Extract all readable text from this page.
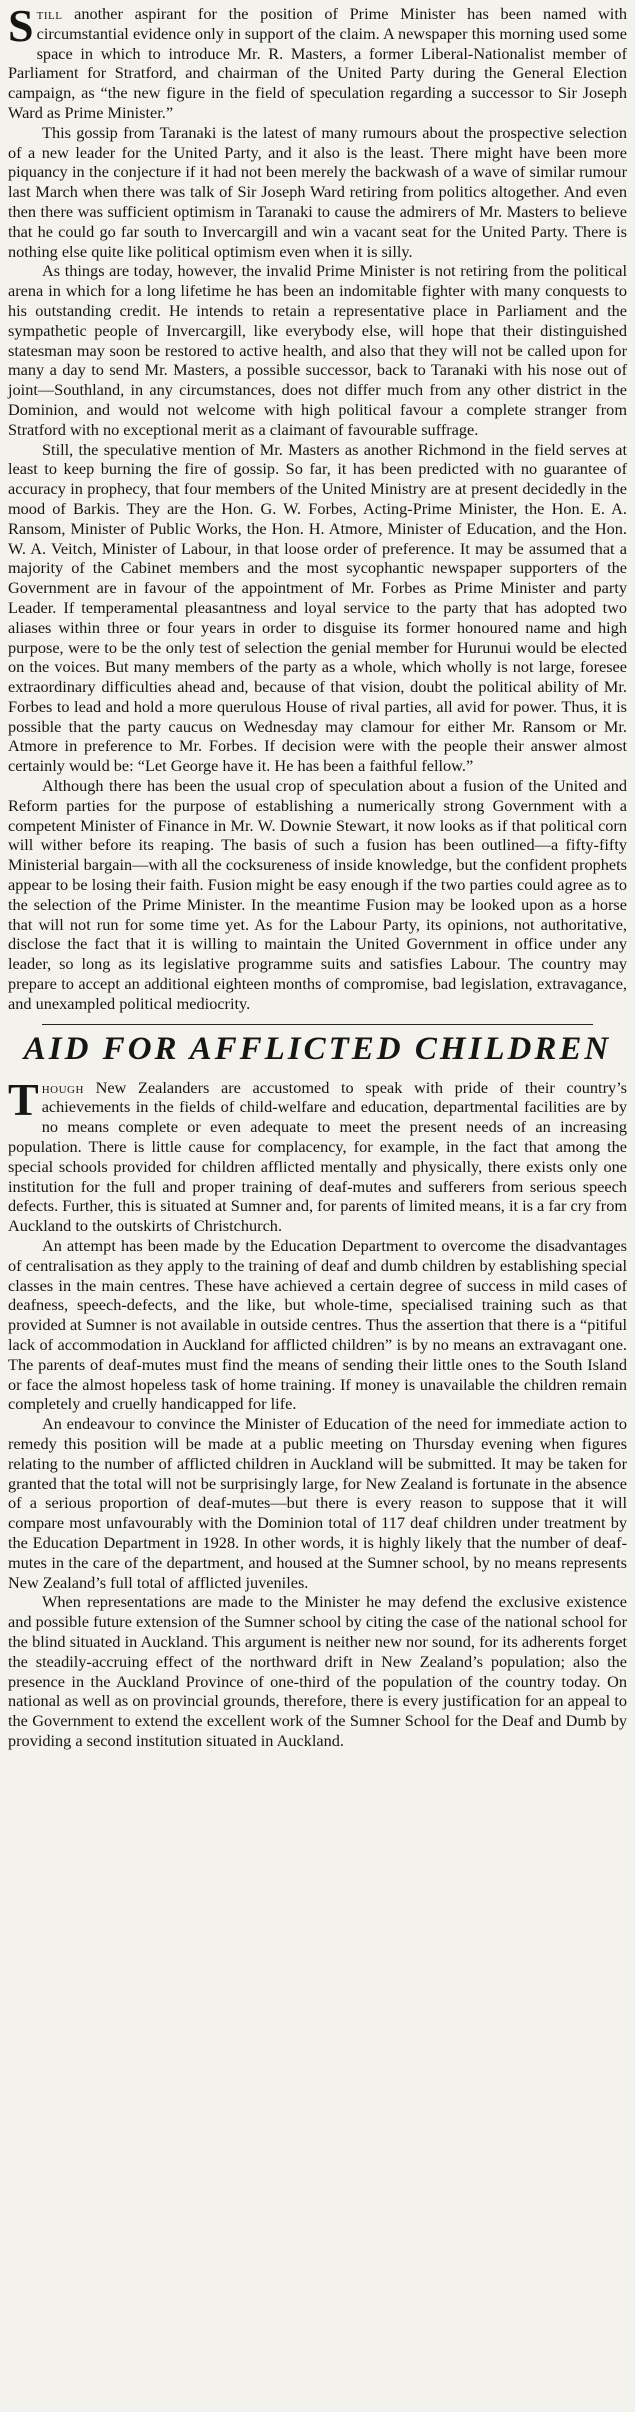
Still another aspirant for the position of Prime Minister has been named with circumstantial evidence only in support of the claim. A newspaper this morning used some space in which to introduce Mr. R. Masters, a former Liberal-Nationalist member of Parliament for Stratford, and chairman of the United Party during the General Election campaign, as “the new figure in the field of speculation regarding a successor to Sir Joseph Ward as Prime Minister.”

This gossip from Taranaki is the latest of many rumours about the prospective selection of a new leader for the United Party, and it also is the least. There might have been more piquancy in the conjecture if it had not been merely the backwash of a wave of similar rumour last March when there was talk of Sir Joseph Ward retiring from politics altogether. And even then there was sufficient optimism in Taranaki to cause the admirers of Mr. Masters to believe that he could go far south to Invercargill and win a vacant seat for the United Party. There is nothing else quite like political optimism even when it is silly.

As things are today, however, the invalid Prime Minister is not retiring from the political arena in which for a long lifetime he has been an indomitable fighter with many conquests to his outstanding credit. He intends to retain a representative place in Parliament and the sympathetic people of Invercargill, like everybody else, will hope that their distinguished statesman may soon be restored to active health, and also that they will not be called upon for many a day to send Mr. Masters, a possible successor, back to Taranaki with his nose out of joint—Southland, in any circumstances, does not differ much from any other district in the Dominion, and would not welcome with high political favour a complete stranger from Stratford with no exceptional merit as a claimant of favourable suffrage.

Still, the speculative mention of Mr. Masters as another Richmond in the field serves at least to keep burning the fire of gossip. So far, it has been predicted with no guarantee of accuracy in prophecy, that four members of the United Ministry are at present decidedly in the mood of Barkis. They are the Hon. G. W. Forbes, Acting-Prime Minister, the Hon. E. A. Ransom, Minister of Public Works, the Hon. H. Atmore, Minister of Education, and the Hon. W. A. Veitch, Minister of Labour, in that loose order of preference. It may be assumed that a majority of the Cabinet members and the most sycophantic newspaper supporters of the Government are in favour of the appointment of Mr. Forbes as Prime Minister and party Leader. If temperamental pleasantness and loyal service to the party that has adopted two aliases within three or four years in order to disguise its former honoured name and high purpose, were to be the only test of selection the genial member for Hurunui would be elected on the voices. But many members of the party as a whole, which wholly is not large, foresee extraordinary difficulties ahead and, because of that vision, doubt the political ability of Mr. Forbes to lead and hold a more querulous House of rival parties, all avid for power. Thus, it is possible that the party caucus on Wednesday may clamour for either Mr. Ransom or Mr. Atmore in preference to Mr. Forbes. If decision were with the people their answer almost certainly would be: “Let George have it. He has been a faithful fellow.”

Although there has been the usual crop of speculation about a fusion of the United and Reform parties for the purpose of establishing a numerically strong Government with a competent Minister of Finance in Mr. W. Downie Stewart, it now looks as if that political corn will wither before its reaping. The basis of such a fusion has been outlined—a fifty-fifty Ministerial bargain—with all the cocksureness of inside knowledge, but the confident prophets appear to be losing their faith. Fusion might be easy enough if the two parties could agree as to the selection of the Prime Minister. In the meantime Fusion may be looked upon as a horse that will not run for some time yet. As for the Labour Party, its opinions, not authoritative, disclose the fact that it is willing to maintain the United Government in office under any leader, so long as its legislative programme suits and satisfies Labour. The country may prepare to accept an additional eighteen months of compromise, bad legislation, extravagance, and unexampled political mediocrity.

AID FOR AFFLICTED CHILDREN

Though New Zealanders are accustomed to speak with pride of their country’s achievements in the fields of child-welfare and education, departmental facilities are by no means complete or even adequate to meet the present needs of an increasing population. There is little cause for complacency, for example, in the fact that among the special schools provided for children afflicted mentally and physically, there exists only one institution for the full and proper training of deaf-mutes and sufferers from serious speech defects. Further, this is situated at Sumner and, for parents of limited means, it is a far cry from Auckland to the outskirts of Christchurch.

An attempt has been made by the Education Department to overcome the disadvantages of centralisation as they apply to the training of deaf and dumb children by establishing special classes in the main centres. These have achieved a certain degree of success in mild cases of deafness, speech-defects, and the like, but whole-time, specialised training such as that provided at Sumner is not available in outside centres. Thus the assertion that there is a “pitiful lack of accommodation in Auckland for afflicted children” is by no means an extravagant one. The parents of deaf-mutes must find the means of sending their little ones to the South Island or face the almost hopeless task of home training. If money is unavailable the children remain completely and cruelly handicapped for life.

An endeavour to convince the Minister of Education of the need for immediate action to remedy this position will be made at a public meeting on Thursday evening when figures relating to the number of afflicted children in Auckland will be submitted. It may be taken for granted that the total will not be surprisingly large, for New Zealand is fortunate in the absence of a serious proportion of deaf-mutes—but there is every reason to suppose that it will compare most unfavourably with the Dominion total of 117 deaf children under treatment by the Education Department in 1928. In other words, it is highly likely that the number of deaf-mutes in the care of the department, and housed at the Sumner school, by no means represents New Zealand’s full total of afflicted juveniles.

When representations are made to the Minister he may defend the exclusive existence and possible future extension of the Sumner school by citing the case of the national school for the blind situated in Auckland. This argument is neither new nor sound, for its adherents forget the steadily-accruing effect of the northward drift in New Zealand’s population; also the presence in the Auckland Province of one-third of the population of the country today. On national as well as on provincial grounds, therefore, there is every justification for an appeal to the Government to extend the excellent work of the Sumner School for the Deaf and Dumb by providing a second institution situated in Auckland.
